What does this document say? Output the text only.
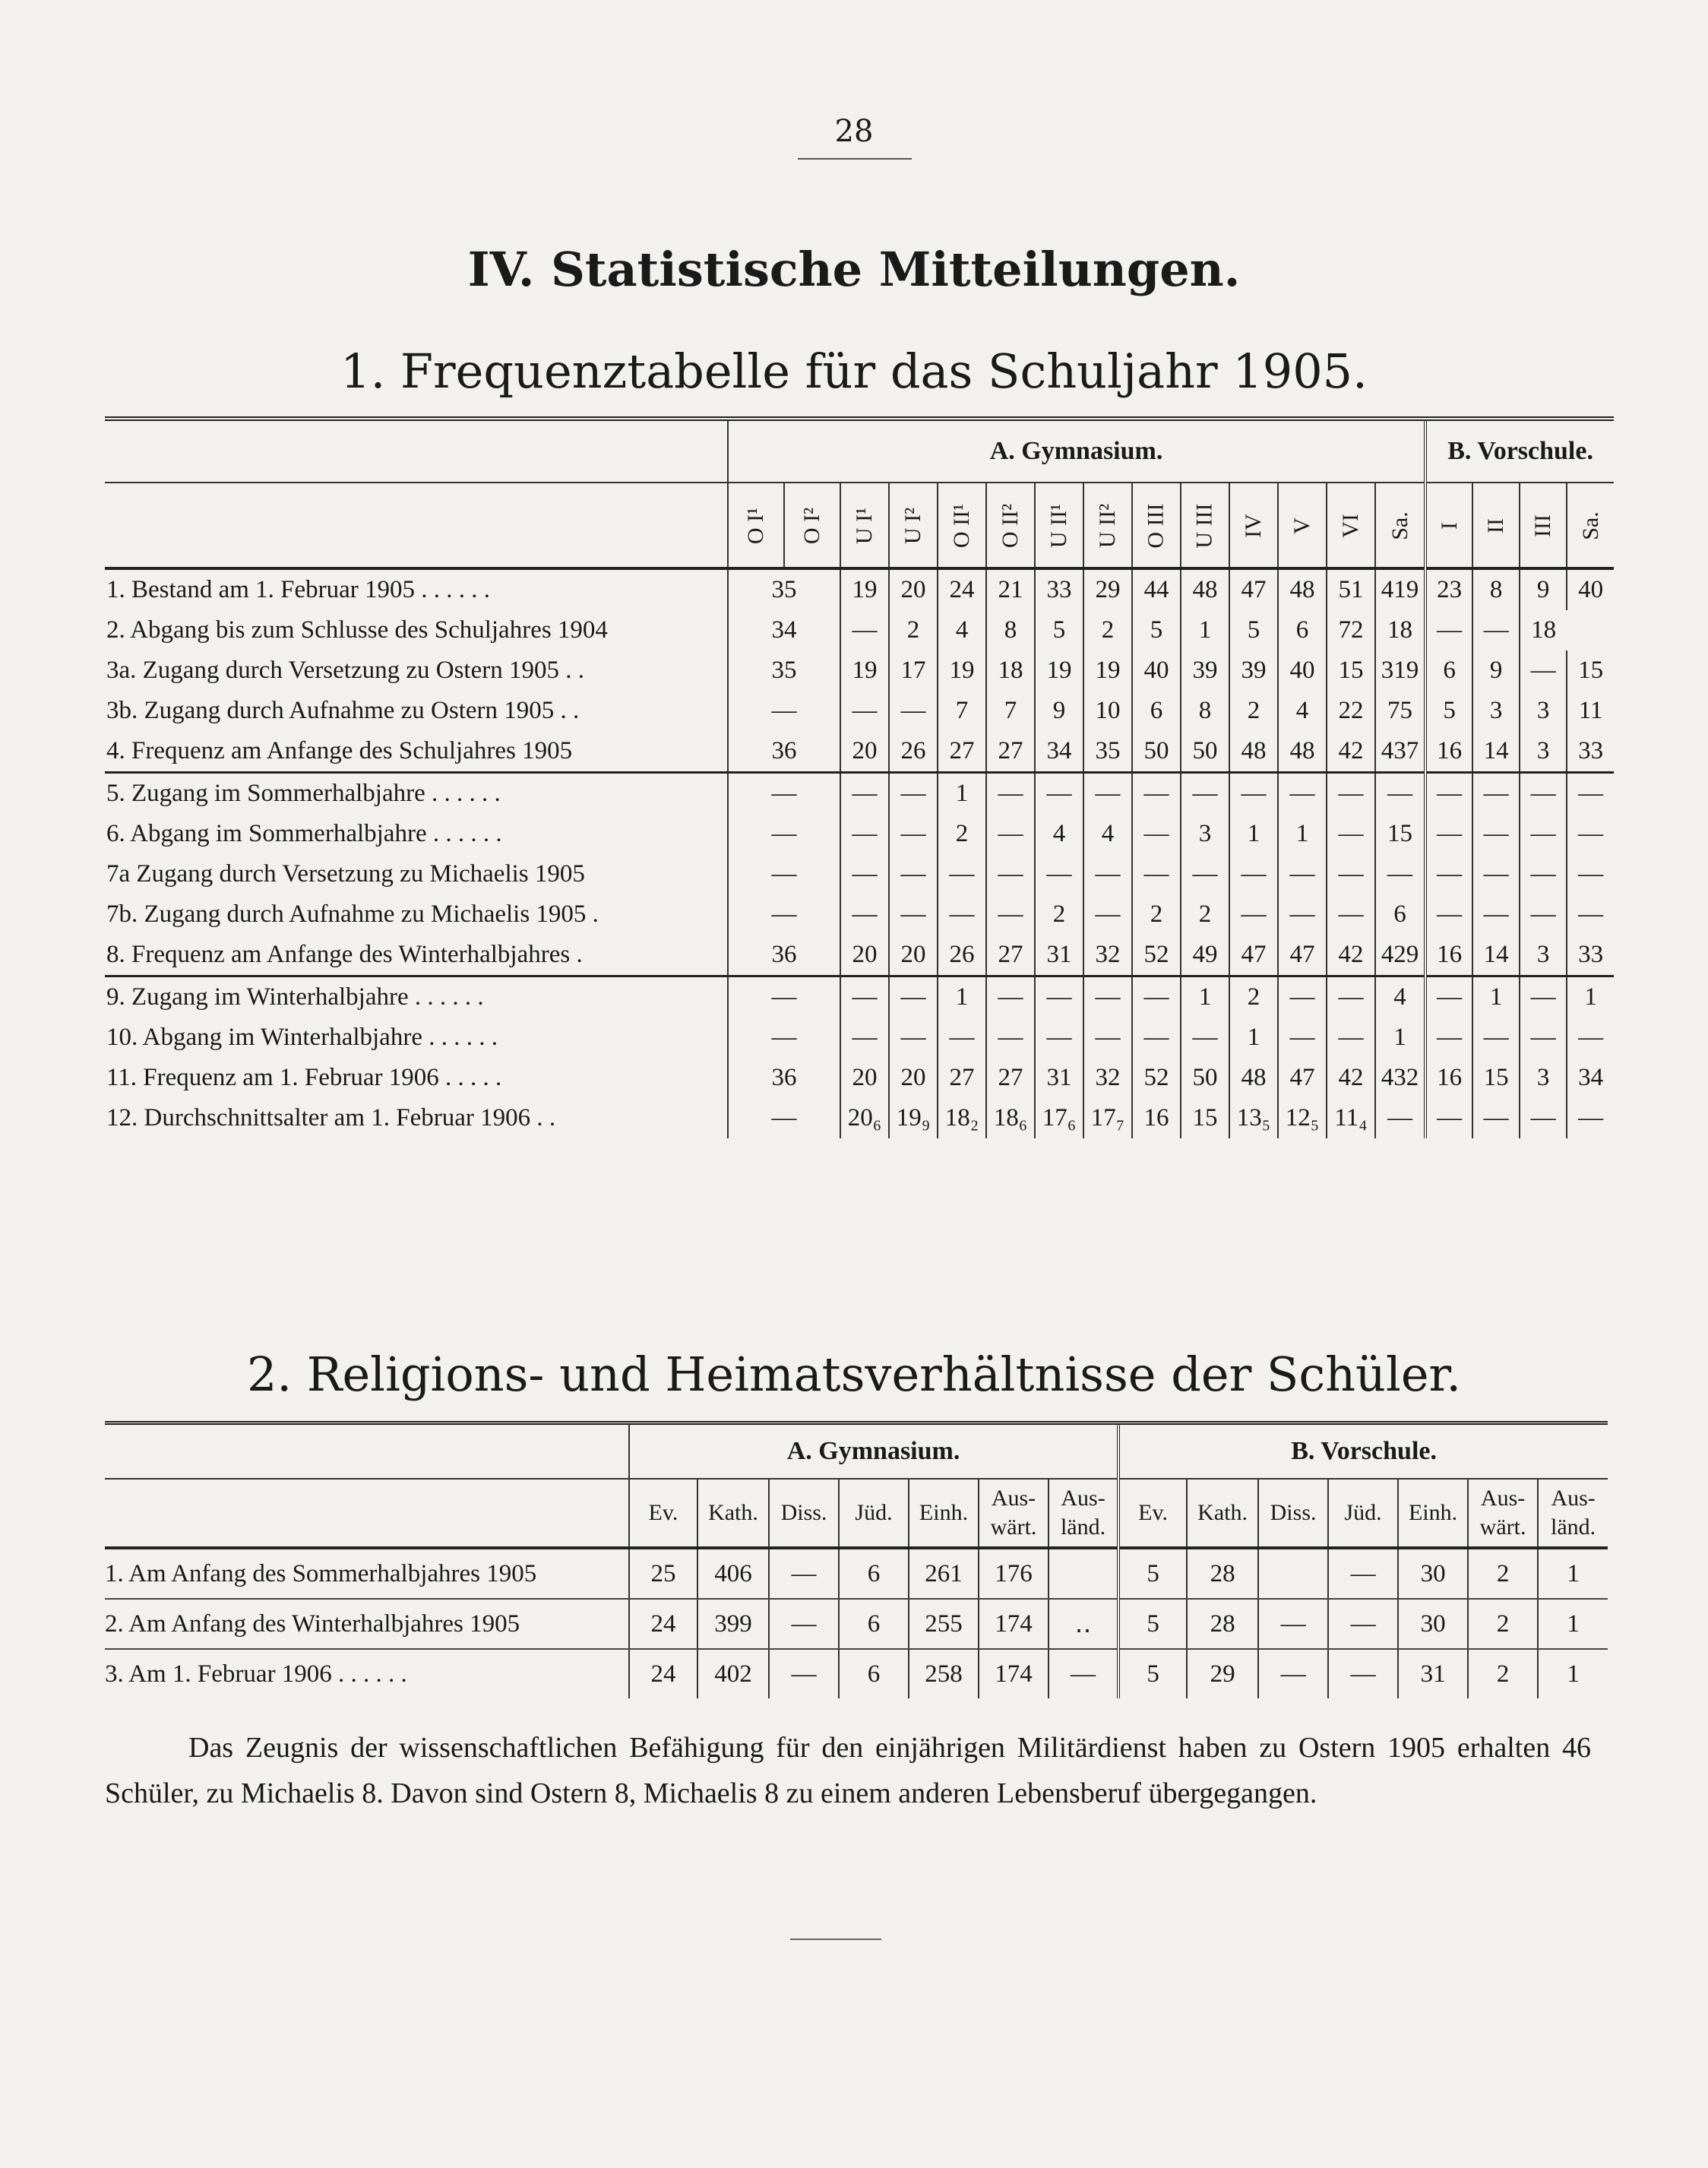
28
IV. Statistische Mitteilungen.
1. Frequenztabelle für das Schuljahr 1905.
	A. Gymnasium.														B. Vorschule.			
	O I¹	O I²	U I¹	U I²	O II¹	O II²	U II¹	U II²	O III	U III	IV	V	VI	Sa.	I	II	III	Sa.
1. Bestand am 1. Februar 1905 . . . . . .	35		19	20	24	21	33	29	44	48	47	48	51	419	23	8	9	40
2. Abgang bis zum Schlusse des Schuljahres 1904	34		—	2	4	8	5	2	5	1	5	6	72	18	—	—	18	
3a. Zugang durch Versetzung zu Ostern 1905 . .	35		19	17	19	18	19	19	40	39	39	40	15	319	6	9	—	15
3b. Zugang durch Aufnahme zu Ostern 1905 . .	—		—	—	7	7	9	10	6	8	2	4	22	75	5	3	3	11
4. Frequenz am Anfange des Schuljahres 1905	36		20	26	27	27	34	35	50	50	48	48	42	437	16	14	3	33
5. Zugang im Sommerhalbjahre . . . . . .	—		—	—	1	—	—	—	—	—	—	—	—	—	—	—	—	—
6. Abgang im Sommerhalbjahre . . . . . .	—		—	—	2	—	4	4	—	3	1	1	—	15	—	—	—	—
7a Zugang durch Versetzung zu Michaelis 1905	—		—	—	—	—	—	—	—	—	—	—	—	—	—	—	—	—
7b. Zugang durch Aufnahme zu Michaelis 1905 .	—		—	—	—	—	2	—	2	2	—	—	—	6	—	—	—	—
8. Frequenz am Anfange des Winterhalbjahres .	36		20	20	26	27	31	32	52	49	47	47	42	429	16	14	3	33
9. Zugang im Winterhalbjahre . . . . . .	—		—	—	1	—	—	—	—	1	2	—	—	4	—	1	—	1
10. Abgang im Winterhalbjahre . . . . . .	—		—	—	—	—	—	—	—	—	1	—	—	1	—	—	—	—
11. Frequenz am 1. Februar 1906 . . . . .	36		20	20	27	27	31	32	52	50	48	47	42	432	16	15	3	34
12. Durchschnittsalter am 1. Februar 1906 . .	—		20₆	19₉	18₂	18₆	17₆	17₇	16	15	13₅	12₅	11₄	—	—	—	—	—
2. Religions- und Heimatsverhältnisse der Schüler.
	A. Gymnasium.							B. Vorschule.						
	Ev.	Kath.	Diss.	Jüd.	Einh.	Aus- wärt.	Aus- länd.	Ev.	Kath.	Diss.	Jüd.	Einh.	Aus- wärt.	Aus- länd.
1. Am Anfang des Sommerhalbjahres 1905	25	406	—	6	261	176		5	28		—	30	2	1
2. Am Anfang des Winterhalbjahres 1905	24	399	—	6	255	174	‥	5	28	—	—	30	2	1
3. Am 1. Februar 1906 . . . . . .	24	402	—	6	258	174	—	5	29	—	—	31	2	1
Das Zeugnis der wissenschaftlichen Befähigung für den einjährigen Militärdienst haben zu Ostern 1905 erhalten 46 Schüler, zu Michaelis 8. Davon sind Ostern 8, Michaelis 8 zu einem anderen Lebensberuf übergegangen.
